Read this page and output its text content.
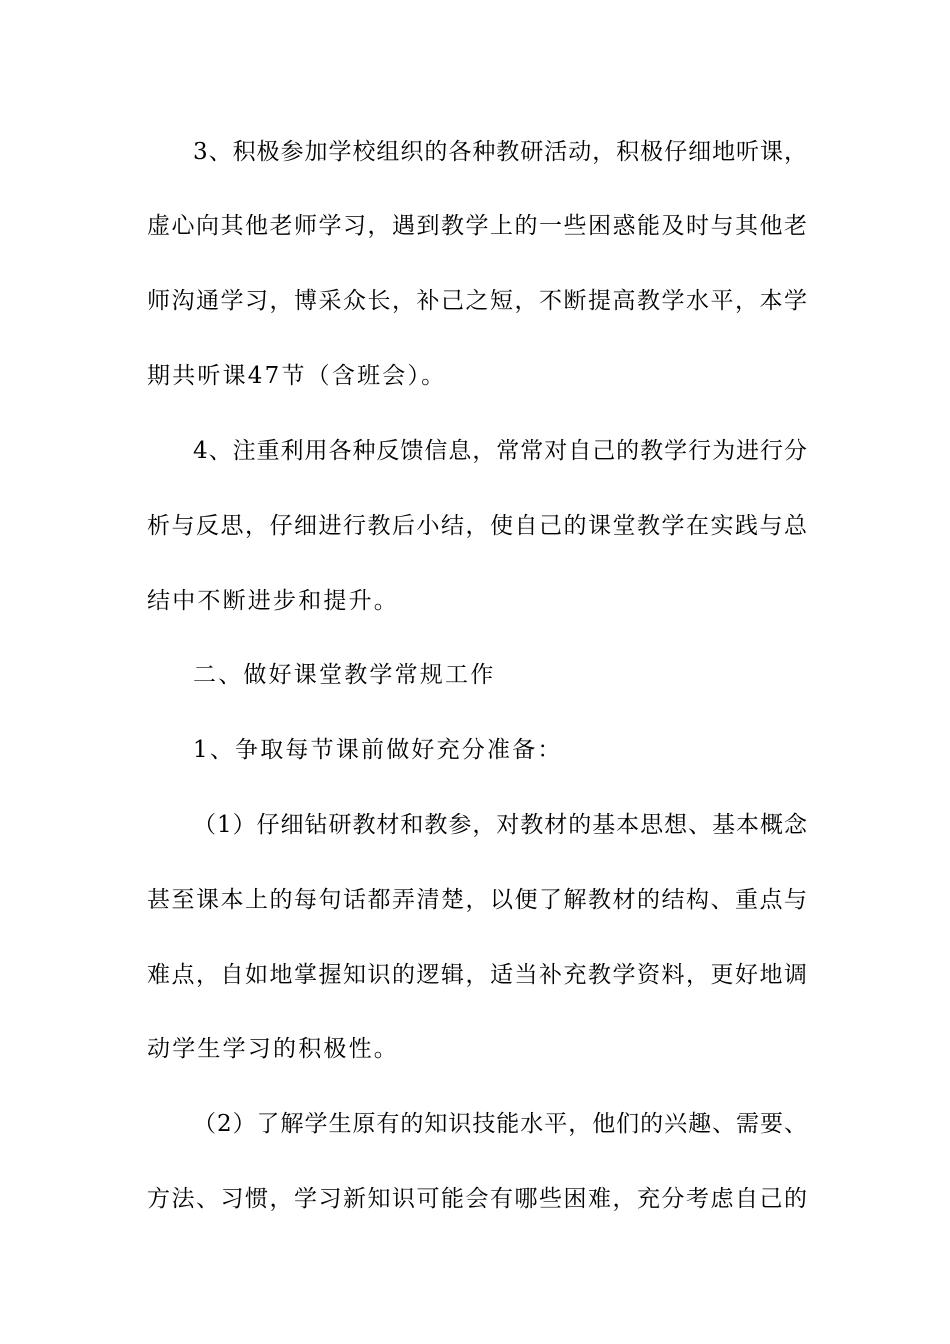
3、积极参加学校组织的各种教研活动，积极仔细地听课，
虚心向其他老师学习，遇到教学上的一些困惑能及时与其他老
师沟通学习，博采众长，补己之短，不断提高教学水平，本学
期共听课47节（含班会）。
4、注重利用各种反馈信息，常常对自己的教学行为进行分
析与反思，仔细进行教后小结，使自己的课堂教学在实践与总
结中不断进步和提升。
二、做好课堂教学常规工作
1、争取每节课前做好充分准备：
（1）仔细钻研教材和教参，对教材的基本思想、基本概念
甚至课本上的每句话都弄清楚，以便了解教材的结构、重点与
难点，自如地掌握知识的逻辑，适当补充教学资料，更好地调
动学生学习的积极性。
（2）了解学生原有的知识技能水平，他们的兴趣、需要、
方法、习惯，学习新知识可能会有哪些困难，充分考虑自己的
